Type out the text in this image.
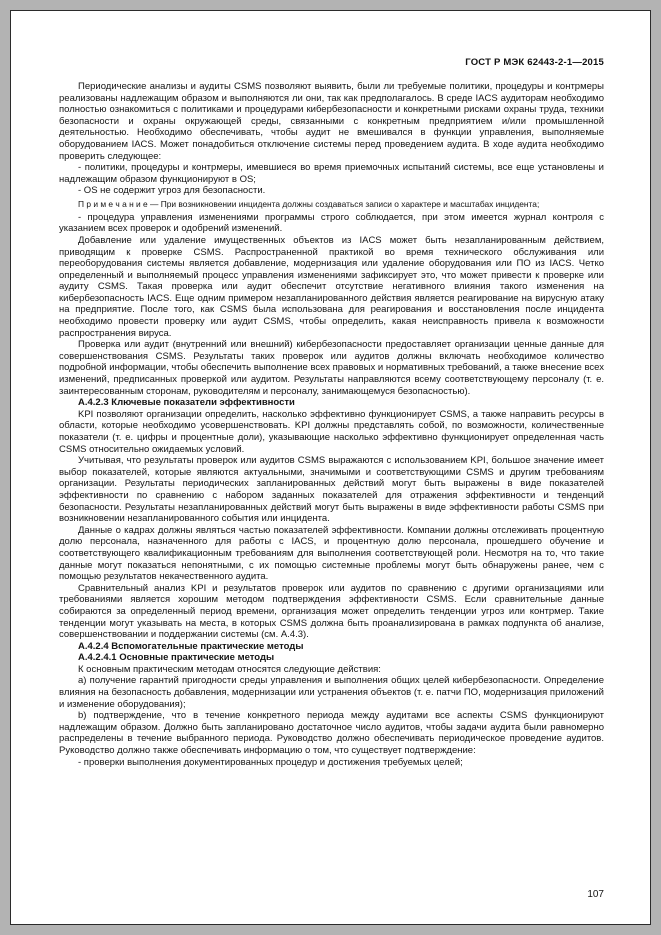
ГОСТ Р МЭК 62443-2-1—2015

Периодические анализы и аудиты CSMS позволяют выявить, были ли требуемые политики, процедуры и контрмеры реализованы надлежащим образом и выполняются ли они, так как предполагалось. В среде IACS аудиторам необходимо полностью ознакомиться с политиками и процедурами кибербезопасности и конкретными рисками охраны труда, техники безопасности и охраны окружающей среды, связанными с конкретным предприятием и/или промышленной деятельностью. Необходимо обеспечивать, чтобы аудит не вмешивался в функции управления, выполняемые оборудованием IACS. Может понадобиться отключение системы перед проведением аудита. В ходе аудита необходимо проверить следующее:

- политики, процедуры и контрмеры, имевшиеся во время приемочных испытаний системы, все еще установлены и надлежащим образом функционируют в OS;

- OS не содержит угроз для безопасности.

П р и м е ч а н и е — При возникновении инцидента должны создаваться записи о характере и масштабах инцидента;

- процедура управления изменениями программы строго соблюдается, при этом имеется журнал контроля с указанием всех проверок и одобрений изменений.

Добавление или удаление имущественных объектов из IACS может быть незапланированным действием, приводящим к проверке CSMS. Распространенной практикой во время технического обслуживания или переоборудования системы является добавление, модернизация или удаление оборудования или ПО из IACS. Четко определенный и выполняемый процесс управления изменениями зафиксирует это, что может привести к проверке или аудиту CSMS. Такая проверка или аудит обеспечит отсутствие негативного влияния такого изменения на кибербезопасность IACS. Еще одним примером незапланированного действия является реагирование на вирусную атаку на предприятие. После того, как CSMS была использована для реагирования и восстановления после инцидента необходимо провести проверку или аудит CSMS, чтобы определить, какая неисправность привела к возможности распространения вируса.

Проверка или аудит (внутренний или внешний) кибербезопасности предоставляет организации ценные данные для совершенствования CSMS. Результаты таких проверок или аудитов должны включать необходимое количество подробной информации, чтобы обеспечить выполнение всех правовых и нормативных требований, а также внесение всех изменений, предписанных проверкой или аудитом. Результаты направляются всему соответствующему персоналу (т. е. заинтересованным сторонам, руководителям и персоналу, занимающемуся безопасностью).

А.4.2.3 Ключевые показатели эффективности

KPI позволяют организации определить, насколько эффективно функционирует CSMS, а также направить ресурсы в области, которые необходимо усовершенствовать. KPI должны представлять собой, по возможности, количественные показатели (т. е. цифры и процентные доли), указывающие насколько эффективно функционирует определенная часть CSMS относительно ожидаемых условий.

Учитывая, что результаты проверок или аудитов CSMS выражаются с использованием KPI, большое значение имеет выбор показателей, которые являются актуальными, значимыми и соответствующими CSMS и другим требованиям организации. Результаты периодических запланированных действий могут быть выражены в виде показателей эффективности по сравнению с набором заданных показателей для отражения эффективности и тенденций безопасности. Результаты незапланированных действий могут быть выражены в виде эффективности работы CSMS при возникновении незапланированного события или инцидента.

Данные о кадрах должны являться частью показателей эффективности. Компании должны отслеживать процентную долю персонала, назначенного для работы с IACS, и процентную долю персонала, прошедшего обучение и соответствующего квалификационным требованиям для выполнения соответствующей роли. Несмотря на то, что такие данные могут показаться непонятными, с их помощью системные проблемы могут быть обнаружены ранее, чем с помощью результатов некачественного аудита.

Сравнительный анализ KPI и результатов проверок или аудитов по сравнению с другими организациями или требованиями является хорошим методом подтверждения эффективности CSMS. Если сравнительные данные собираются за определенный период времени, организация может определить тенденции угроз или контрмер. Такие тенденции могут указывать на места, в которых CSMS должна быть проанализирована в рамках подпункта об анализе, совершенствовании и поддержании системы (см. А.4.3).

А.4.2.4 Вспомогательные практические методы

А.4.2.4.1 Основные практические методы

К основным практическим методам относятся следующие действия:

а) получение гарантий пригодности среды управления и выполнения общих целей кибербезопасности. Определение влияния на безопасность добавления, модернизации или устранения объектов (т. е. патчи ПО, модернизация приложений и изменение оборудования);

b) подтверждение, что в течение конкретного периода между аудитами все аспекты CSMS функционируют надлежащим образом. Должно быть запланировано достаточное число аудитов, чтобы задачи аудита были равномерно распределены в течение выбранного периода. Руководство должно обеспечивать периодическое проведение аудитов. Руководство должно также обеспечивать информацию о том, что существует подтверждение:

- проверки выполнения документированных процедур и достижения требуемых целей;

107
